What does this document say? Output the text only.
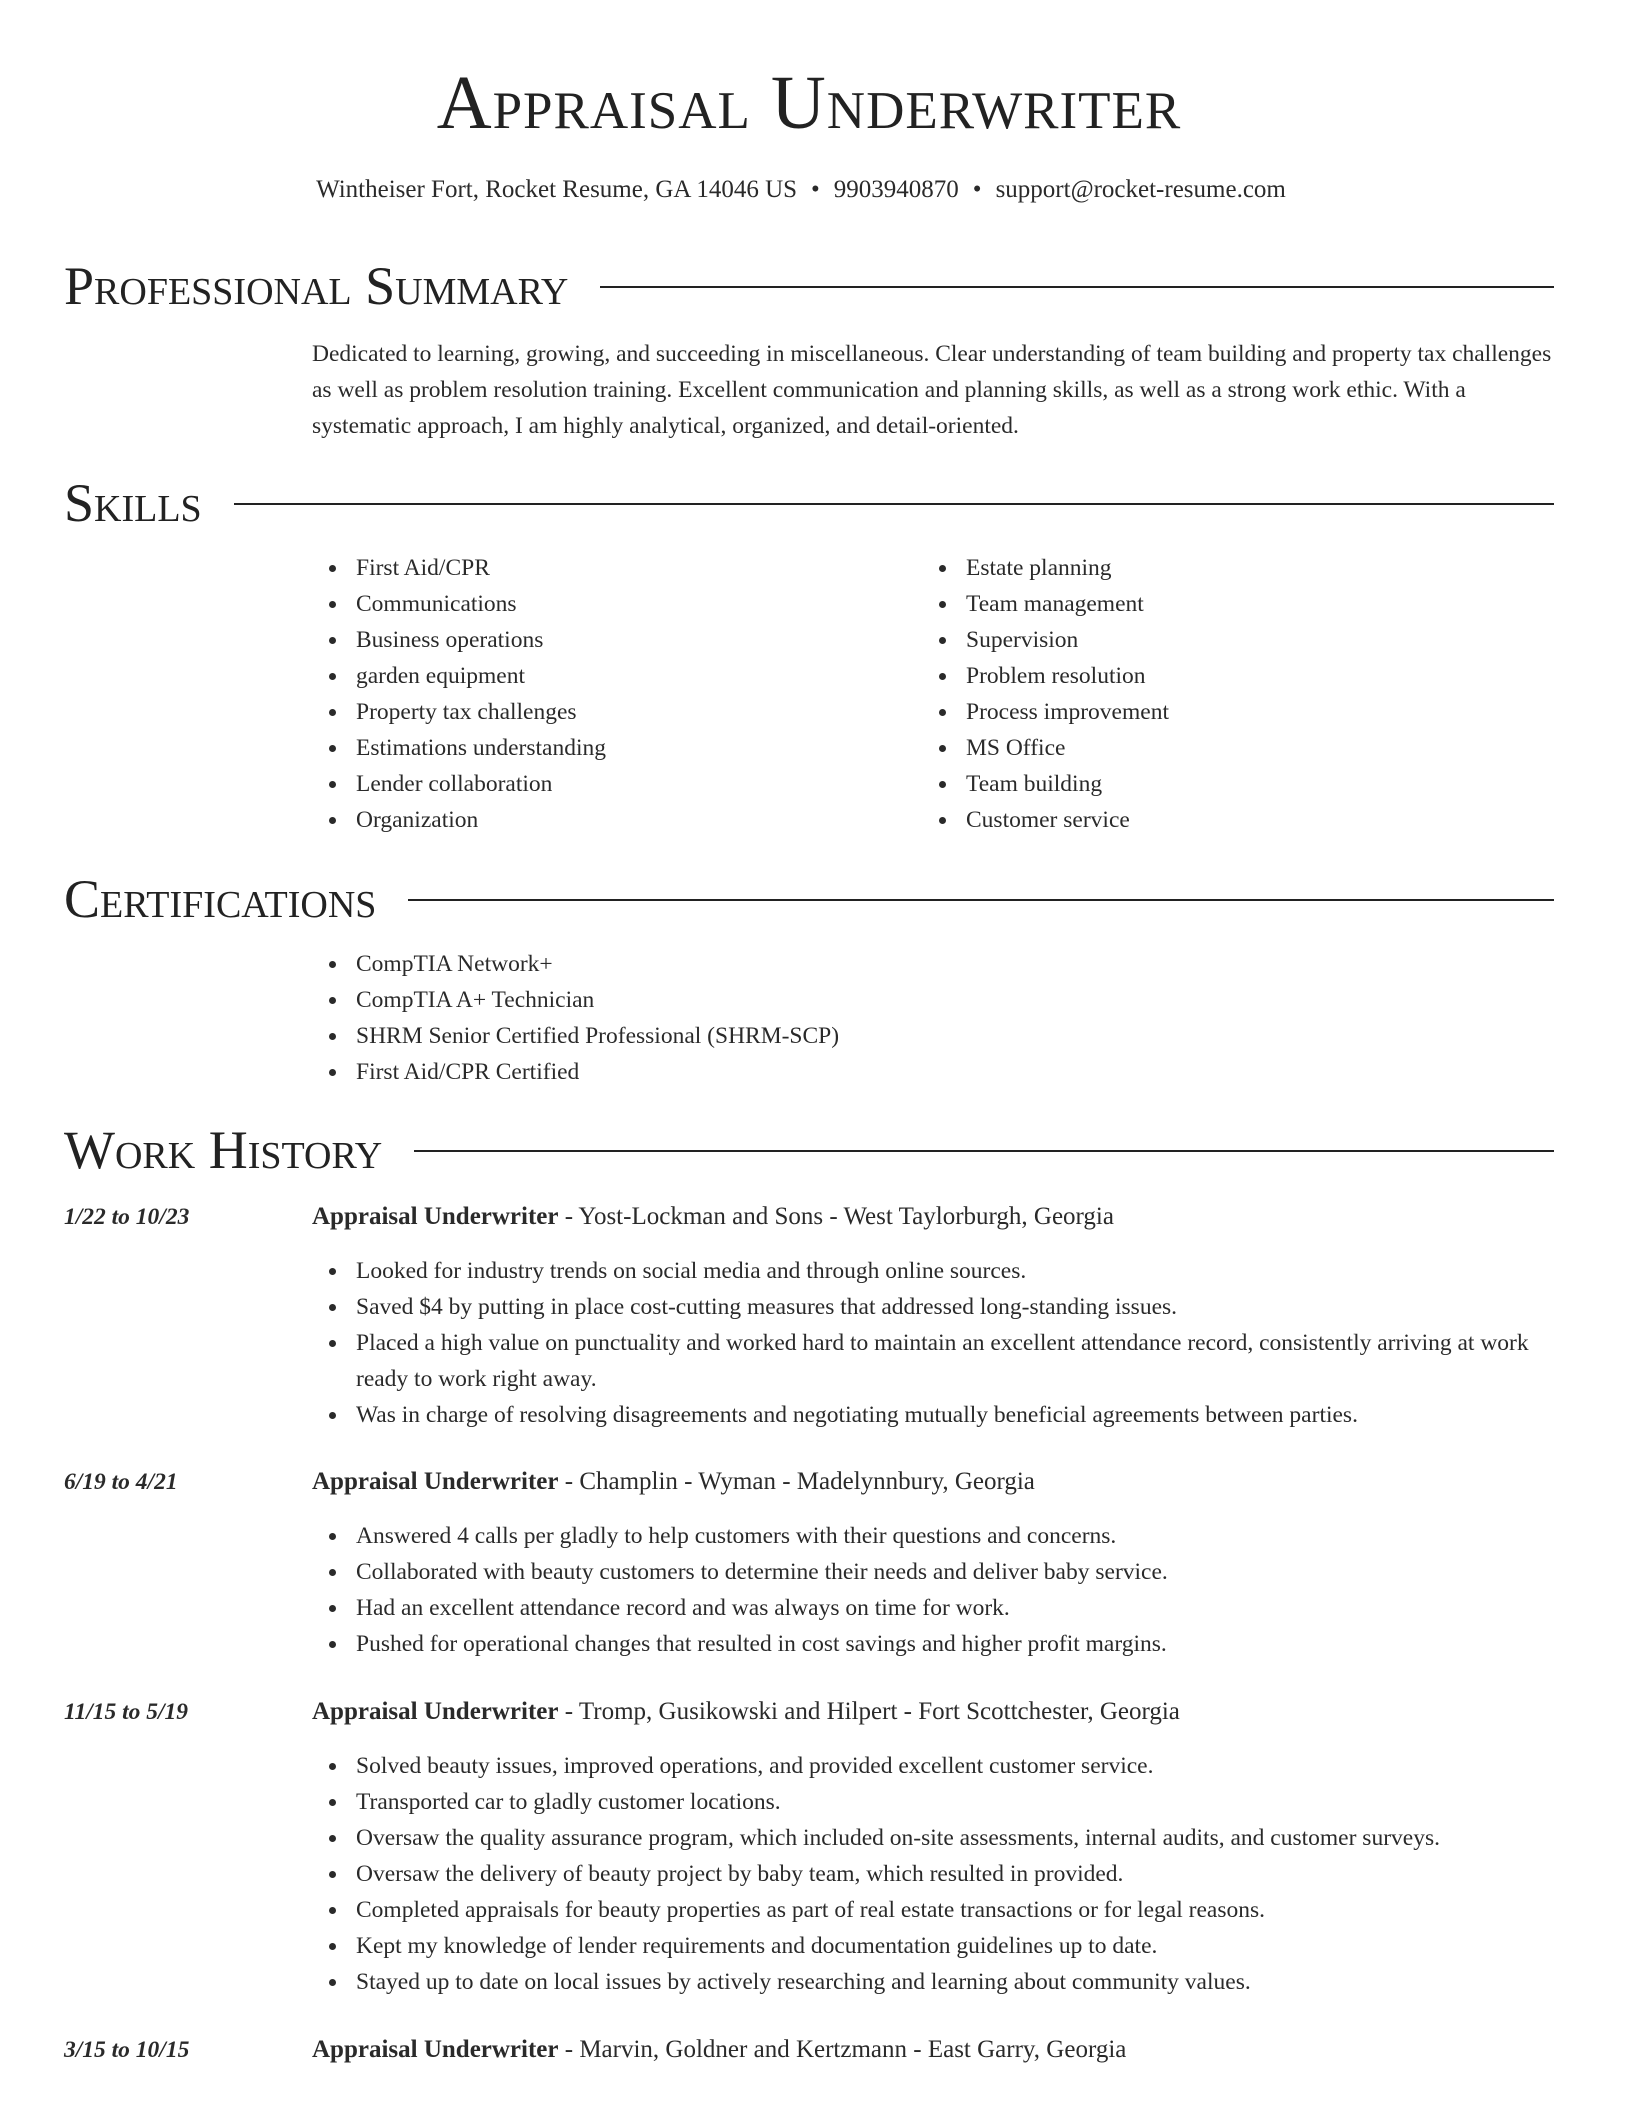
Appraisal Underwriter
Wintheiser Fort, Rocket Resume, GA 14046 US • 9903940870 • support@rocket-resume.com
Professional Summary

Dedicated to learning, growing, and succeeding in miscellaneous. Clear understanding of team building and property tax challenges as well as problem resolution training. Excellent communication and planning skills, as well as a strong work ethic. With a systematic approach, I am highly analytical, organized, and detail-oriented.

Skills
First Aid/CPR
Communications
Business operations
garden equipment
Property tax challenges
Estimations understanding
Lender collaboration
Organization
Estate planning
Team management
Supervision
Problem resolution
Process improvement
MS Office
Team building
Customer service
Certifications
CompTIA Network+
CompTIA A+ Technician
SHRM Senior Certified Professional (SHRM-SCP)
First Aid/CPR Certified
Work History
1/22 to 10/23	Appraisal Underwriter - Yost-Lockman and Sons - West Taylorburgh, Georgia
Looked for industry trends on social media and through online sources.
Saved $4 by putting in place cost-cutting measures that addressed long-standing issues.
Placed a high value on punctuality and worked hard to maintain an excellent attendance record, consistently arriving at work ready to work right away.
Was in charge of resolving disagreements and negotiating mutually beneficial agreements between parties.
6/19 to 4/21	Appraisal Underwriter - Champlin - Wyman - Madelynnbury, Georgia
Answered 4 calls per gladly to help customers with their questions and concerns.
Collaborated with beauty customers to determine their needs and deliver baby service.
Had an excellent attendance record and was always on time for work.
Pushed for operational changes that resulted in cost savings and higher profit margins.
11/15 to 5/19	Appraisal Underwriter - Tromp, Gusikowski and Hilpert - Fort Scottchester, Georgia
Solved beauty issues, improved operations, and provided excellent customer service.
Transported car to gladly customer locations.
Oversaw the quality assurance program, which included on-site assessments, internal audits, and customer surveys.
Oversaw the delivery of beauty project by baby team, which resulted in provided.
Completed appraisals for beauty properties as part of real estate transactions or for legal reasons.
Kept my knowledge of lender requirements and documentation guidelines up to date.
Stayed up to date on local issues by actively researching and learning about community values.
3/15 to 10/15	Appraisal Underwriter - Marvin, Goldner and Kertzmann - East Garry, Georgia
